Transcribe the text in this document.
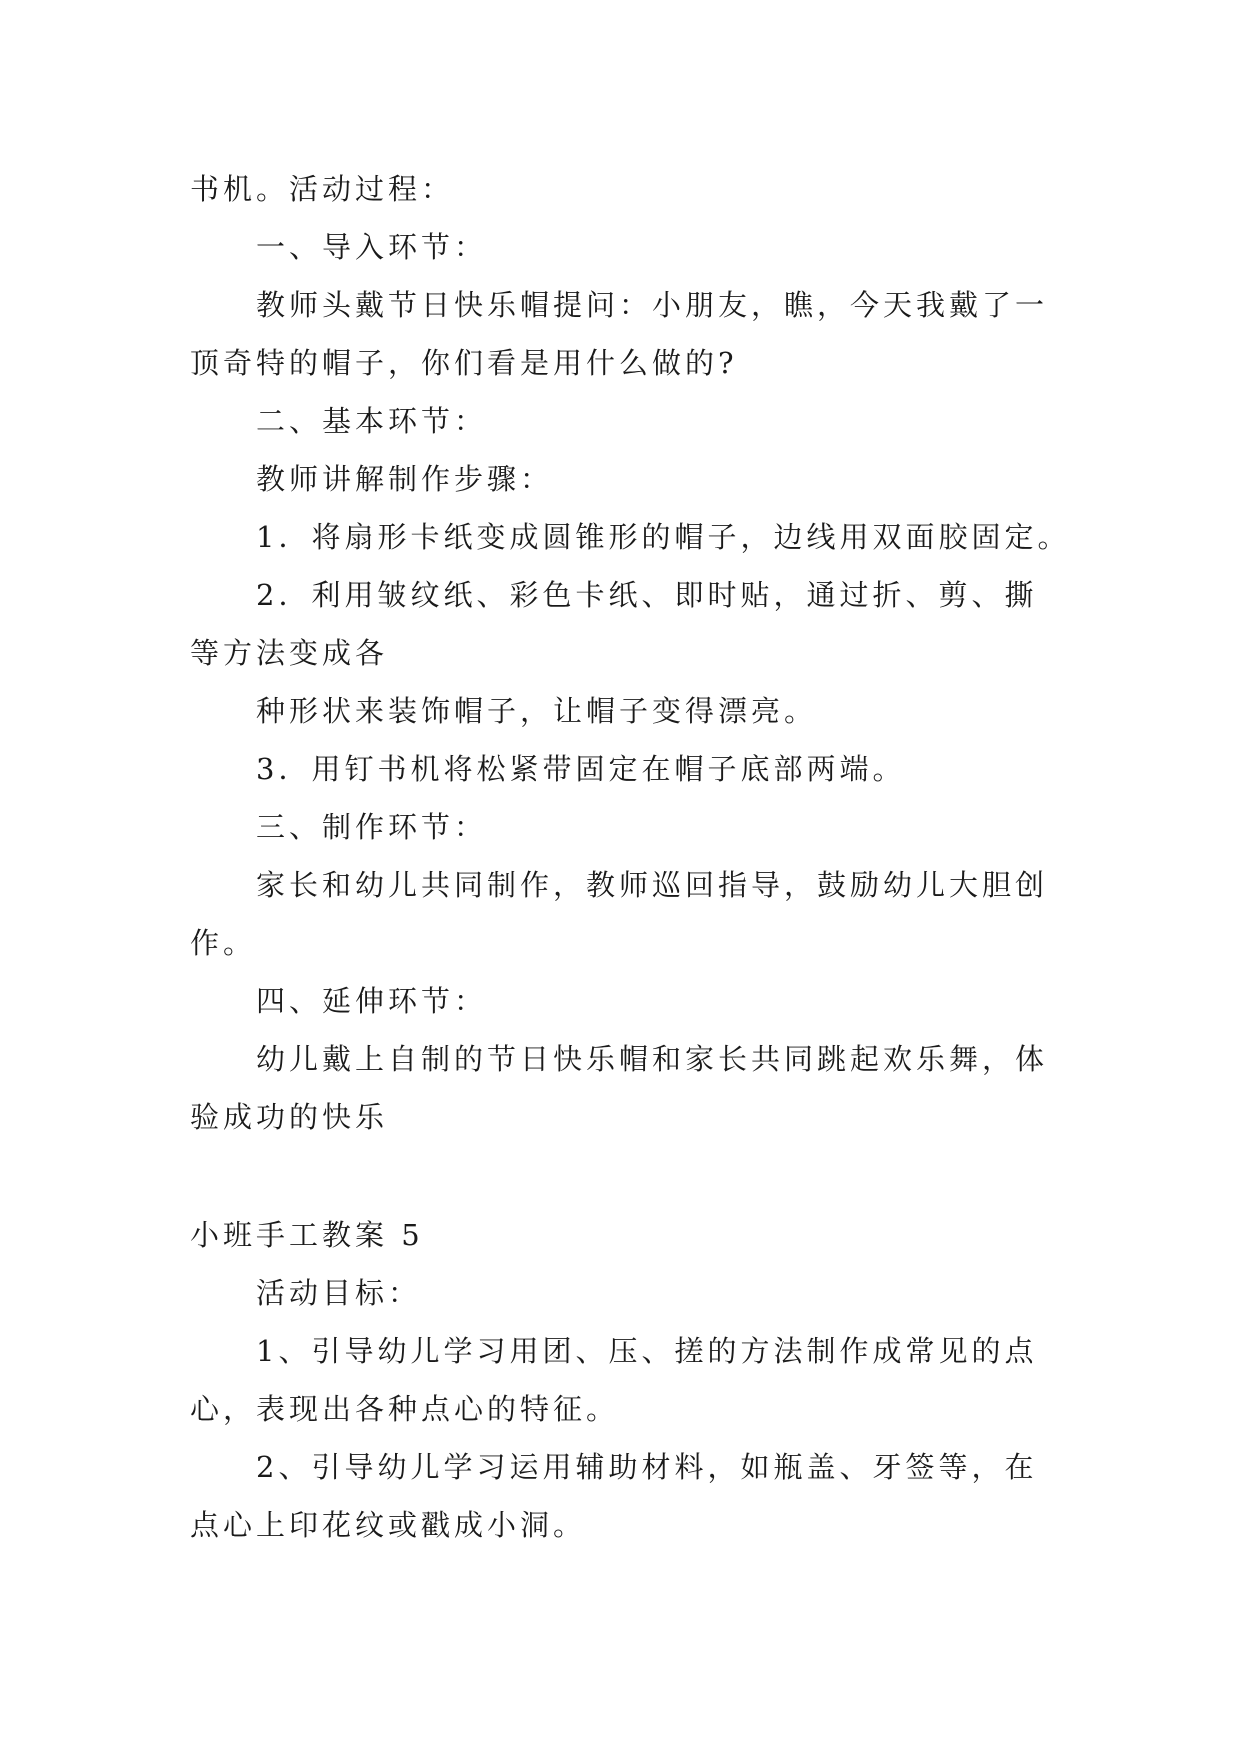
书机。活动过程：
一、导入环节：
教师头戴节日快乐帽提问：小朋友，瞧，今天我戴了一
顶奇特的帽子，你们看是用什么做的?
二、基本环节：
教师讲解制作步骤：
1．将扇形卡纸变成圆锥形的帽子，边线用双面胶固定。
2．利用皱纹纸、彩色卡纸、即时贴，通过折、剪、撕
等方法变成各
种形状来装饰帽子，让帽子变得漂亮。
3．用钉书机将松紧带固定在帽子底部两端。
三、制作环节：
家长和幼儿共同制作，教师巡回指导，鼓励幼儿大胆创
作。
四、延伸环节：
幼儿戴上自制的节日快乐帽和家长共同跳起欢乐舞，体
验成功的快乐
小班手工教案 5
活动目标：
1、引导幼儿学习用团、压、搓的方法制作成常见的点
心，表现出各种点心的特征。
2、引导幼儿学习运用辅助材料，如瓶盖、牙签等，在
点心上印花纹或戳成小洞。
